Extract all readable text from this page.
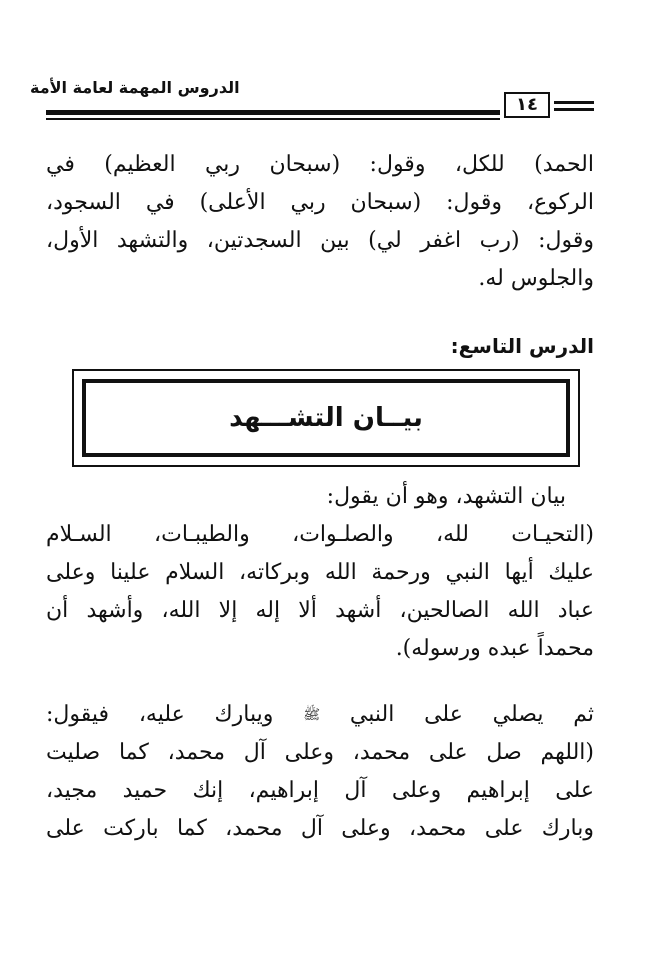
الدروس المهمة لعامة الأمة
١٤
الحمد) للكل، وقول: (سبحان ربي العظيم) في
الركوع، وقول: (سبحان ربي الأعلى) في السجود،
وقول: (رب اغفر لي) بين السجدتين، والتشهد الأول،
والجلوس له.
الدرس التاسع:
بيــان التشـــهد
بيان التشهد، وهو أن يقول:
(التحيـات لله، والصلـوات، والطيبـات، السـلام
عليك أيها النبي ورحمة الله وبركاته، السلام علينا وعلى
عباد الله الصالحين، أشهد ألا إله إلا الله، وأشهد أن
محمداً عبده ورسوله).
ثم يصلي على النبي ﷺ ويبارك عليه، فيقول:
(اللهم صل على محمد، وعلى آل محمد، كما صليت
على إبراهيم وعلى آل إبراهيم، إنك حميد مجيد،
وبارك على محمد، وعلى آل محمد، كما باركت على
